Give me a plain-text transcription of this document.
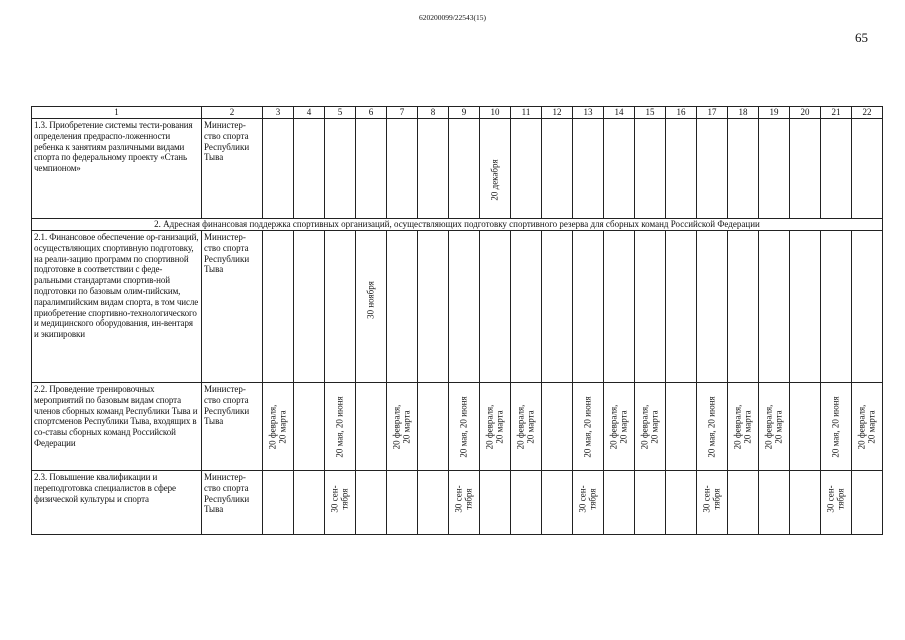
620200099/22543(15)
65
1	2	3	4	5	6	7	8	9	10	11	12	13	14	15	16	17	18	19	20	21	22
1.3. Приобретение системы тести-рования определения предраспо-ложенности ребенка к занятиям различными видами спорта по федеральному проекту «Стань чемпионом»	Министер-ство спорта Республики Тыва								20 декабря												

2. Адресная финансовая поддержка спортивных организаций, осуществляющих подготовку спортивного резерва для сборных команд Российской Федерации																					
2.1. Финансовое обеспечение ор-ганизаций, осуществляющих спортивную подготовку, на реали-зацию программ по спортивной подготовке в соответствии с феде-ральными стандартами спортив-ной подготовки по базовым олим-пийским, паралимпийским видам спорта, в том числе приобретение спортивно-технологического и медицинского оборудования, ин-вентаря и экипировки	Министер-ство спорта Республики Тыва				30 ноября																

2.2. Проведение тренировочных мероприятий по базовым видам спорта членов сборных команд Республики Тыва и спортсменов Республики Тыва, входящих в со-ставы сборных команд Российской Федерации	Министер-ство спорта Республики Тыва	20 февраля,
20 марта		20 мая, 20 июня		20 февраля,
20 марта		20 мая, 20 июня	20 февраля,
20 марта	20 февраля,
20 марта		20 мая, 20 июня	20 февраля,
20 марта	20 февраля,
20 марта		20 мая, 20 июня	20 февраля,
20 марта	20 февраля,
20 марта		20 мая, 20 июня	20 февраля,
20 марта

2.3. Повышение квалификации и переподготовка специалистов в сфере физической культуры и спорта	Министер-ство спорта Республики Тыва			30 сен-
тября				30 сен-
тября				30 сен-
тября				30 сен-
тября				30 сен-
тября	
